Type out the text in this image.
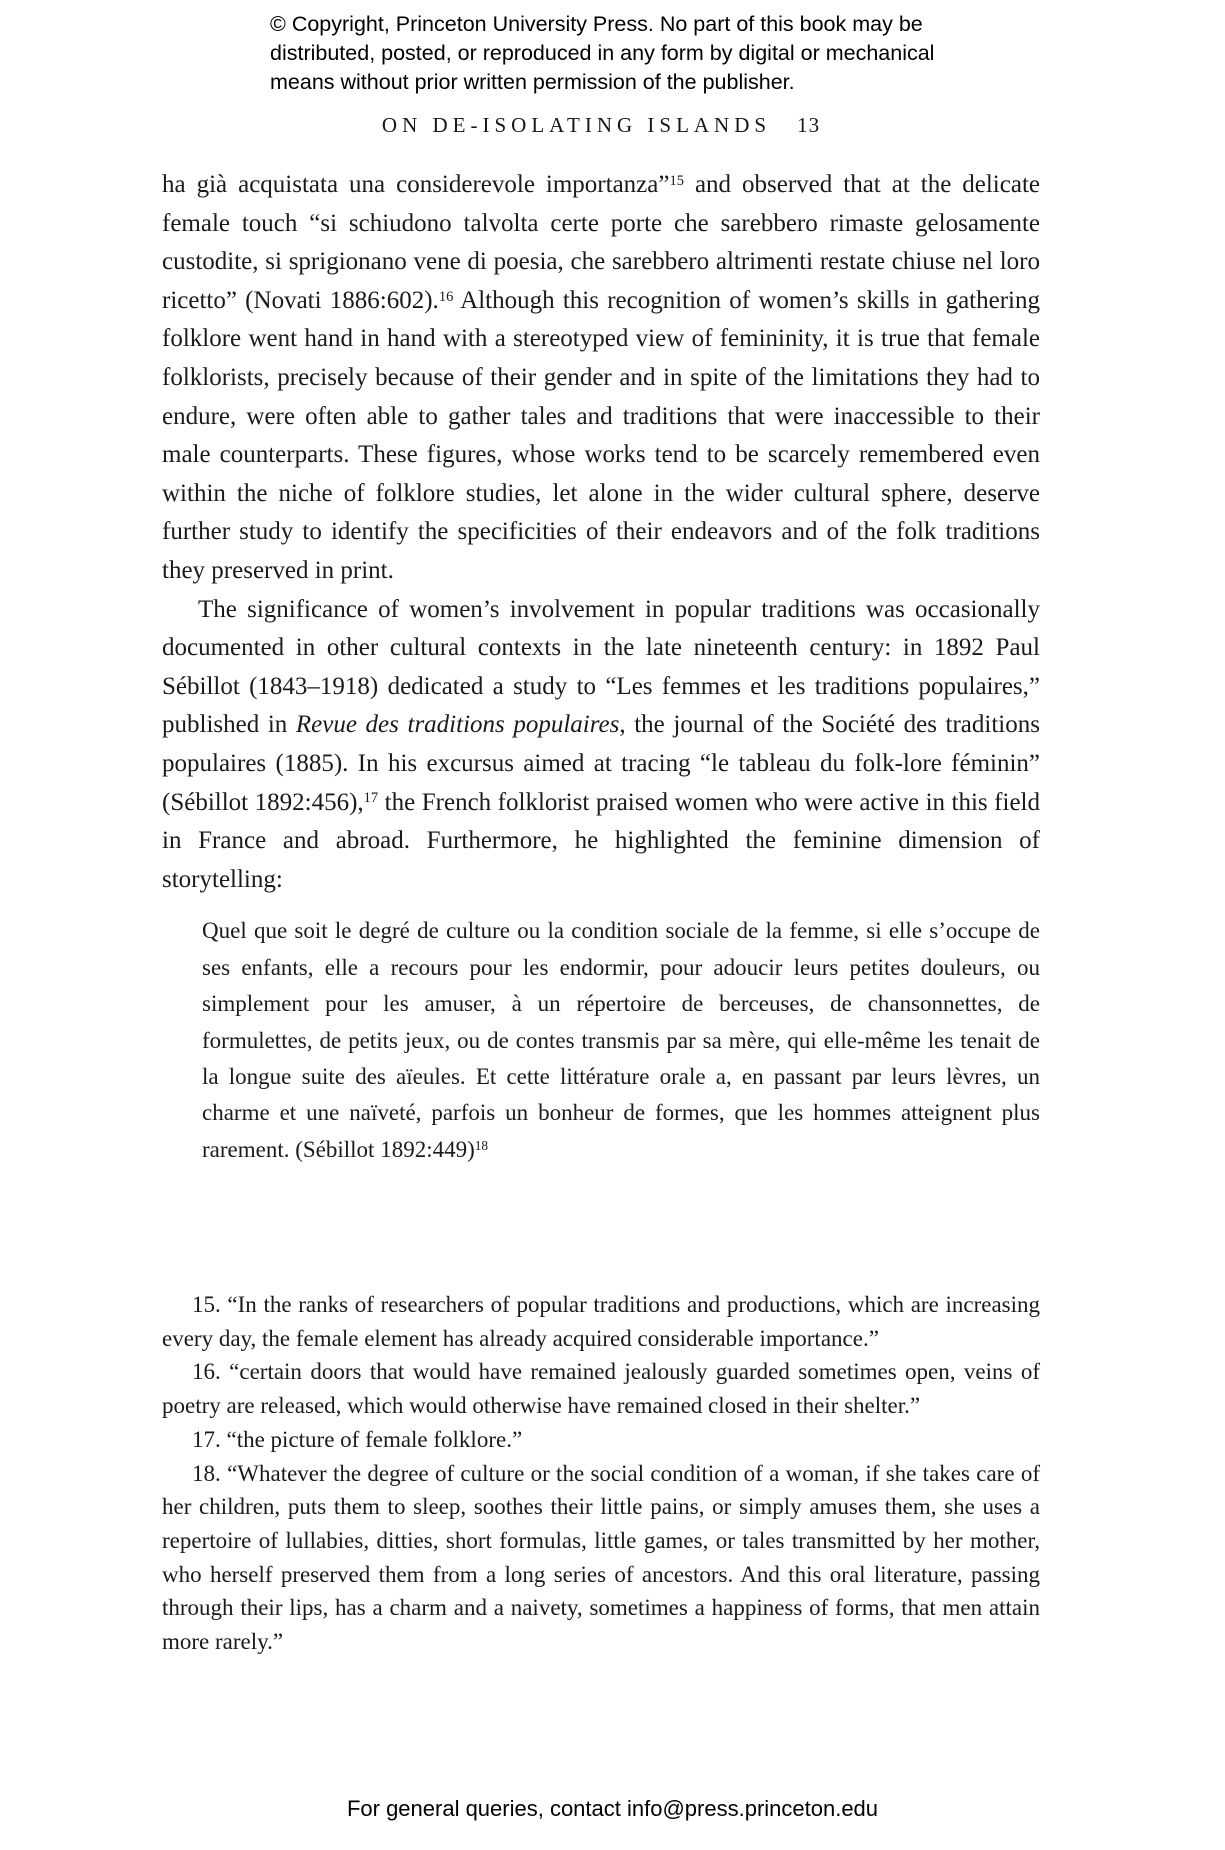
© Copyright, Princeton University Press. No part of this book may be
distributed, posted, or reproduced in any form by digital or mechanical
means without prior written permission of the publisher.
ON DE-ISOLATING ISLANDS 13

ha già acquistata una considerevole importanza”$^{15}$ and observed that at the delicate female touch “si schiudono talvolta certe porte che sarebbero rimaste gelosamente custodite, si sprigionano vene di poesia, che sarebbero altrimenti restate chiuse nel loro ricetto” (Novati 1886:602).$^{16}$ Although this recognition of women’s skills in gathering folklore went hand in hand with a stereotyped view of femininity, it is true that female folklorists, precisely because of their gender and in spite of the limitations they had to endure, were often able to gather tales and traditions that were inaccessible to their male counterparts. These figures, whose works tend to be scarcely remembered even within the niche of folklore studies, let alone in the wider cultural sphere, deserve further study to identify the specificities of their endeavors and of the folk traditions they preserved in print.

The significance of women’s involvement in popular traditions was occasionally documented in other cultural contexts in the late nineteenth century: in 1892 Paul Sébillot (1843–1918) dedicated a study to “Les femmes et les traditions populaires,” published in Revue des traditions populaires, the journal of the Société des traditions populaires (1885). In his excursus aimed at tracing “le tableau du folk-lore féminin” (Sébillot 1892:456),$^{17}$ the French folklorist praised women who were active in this field in France and abroad. Furthermore, he highlighted the feminine dimension of storytelling:

Quel que soit le degré de culture ou la condition sociale de la femme, si elle s’occupe de ses enfants, elle a recours pour les endormir, pour adoucir leurs petites douleurs, ou simplement pour les amuser, à un répertoire de berceuses, de chansonnettes, de formulettes, de petits jeux, ou de contes transmis par sa mère, qui elle-même les tenait de la longue suite des aïeules. Et cette littérature orale a, en passant par leurs lèvres, un charme et une naïveté, parfois un bonheur de formes, que les hommes atteignent plus rarement. (Sébillot 1892:449)$^{18}$

15. “In the ranks of researchers of popular traditions and productions, which are increasing every day, the female element has already acquired considerable importance.”

16. “certain doors that would have remained jealously guarded sometimes open, veins of poetry are released, which would otherwise have remained closed in their shelter.”

17. “the picture of female folklore.”

18. “Whatever the degree of culture or the social condition of a woman, if she takes care of her children, puts them to sleep, soothes their little pains, or simply amuses them, she uses a repertoire of lullabies, ditties, short formulas, little games, or tales transmitted by her mother, who herself preserved them from a long series of ancestors. And this oral literature, passing through their lips, has a charm and a naivety, sometimes a happiness of forms, that men attain more rarely.”

For general queries, contact info@press.princeton.edu
